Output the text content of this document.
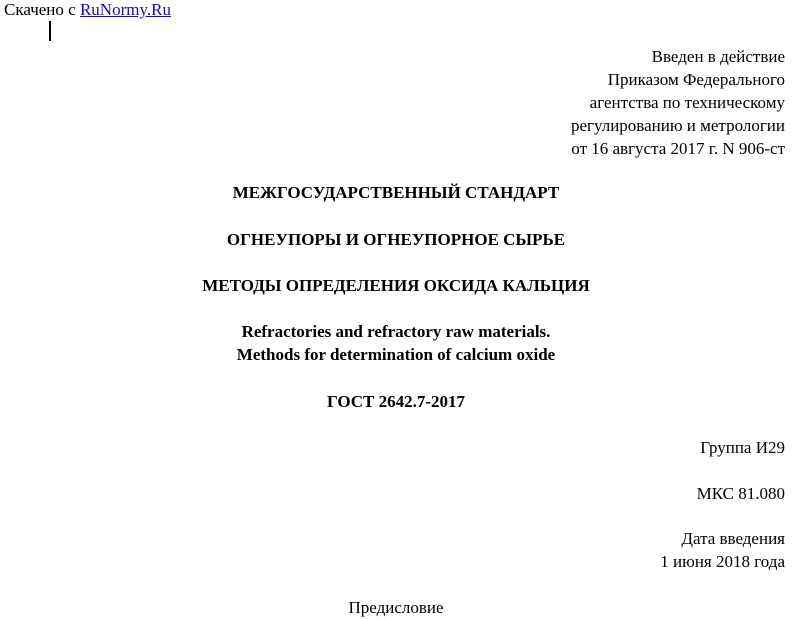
Скачено с RuNormy.Ru
Введен в действие
Приказом Федерального
агентства по техническому
регулированию и метрологии
от 16 августа 2017 г. N 906-ст
МЕЖГОСУДАРСТВЕННЫЙ СТАНДАРТ
ОГНЕУПОРЫ И ОГНЕУПОРНОЕ СЫРЬЕ
МЕТОДЫ ОПРЕДЕЛЕНИЯ ОКСИДА КАЛЬЦИЯ
Refractories and refractory raw materials.
Methods for determination of calcium oxide
ГОСТ 2642.7-2017
Группа И29
МКС 81.080
Дата введения
1 июня 2018 года
Предисловие
